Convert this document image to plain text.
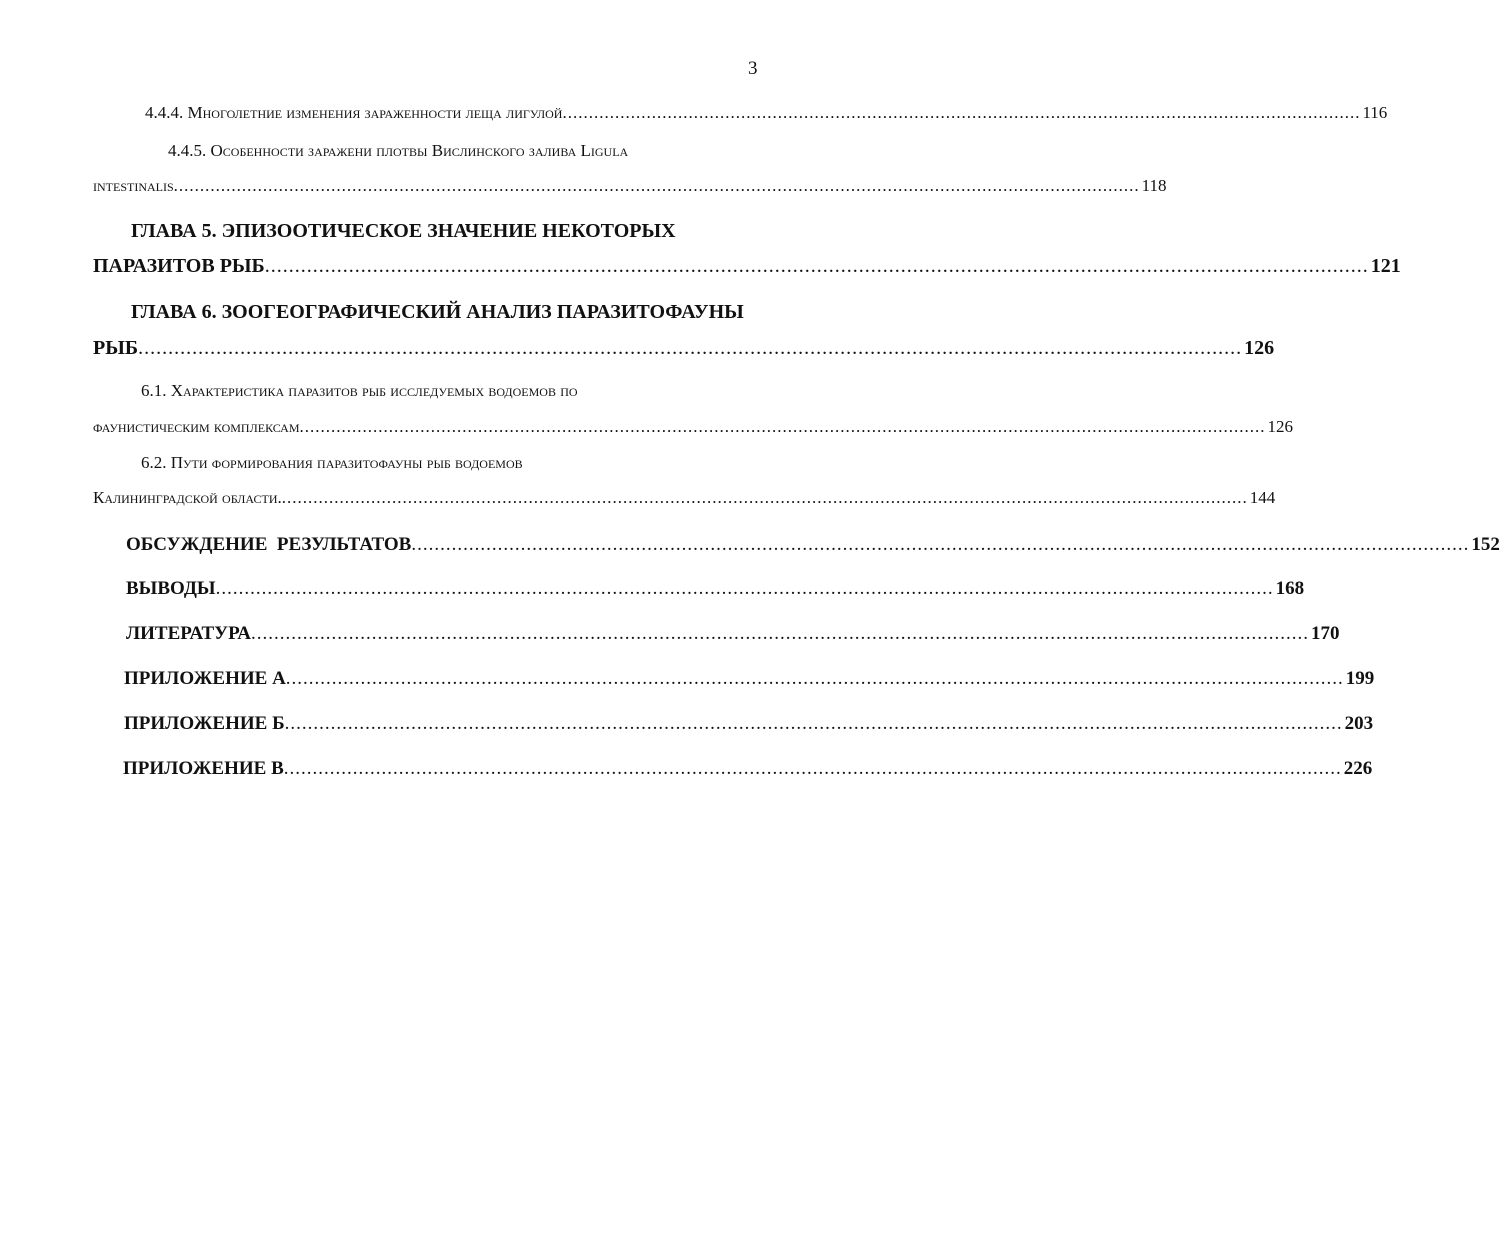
3
4.4.4. Многолетние изменения зараженности леща лигулой ........................................................................................................................................................ 116
4.4.5. Особенности заражени плотвы Вислинского залива Ligula
intestinalis ........................................................................................................................................................................................ 118
ГЛАВА 5. ЭПИЗООТИЧЕСКОЕ ЗНАЧЕНИЕ НЕКОТОРЫХ
ПАРАЗИТОВ РЫБ ........................................................................................................................................................................................ 121
ГЛАВА 6. ЗООГЕОГРАФИЧЕСКИЙ АНАЛИЗ ПАРАЗИТОФАУНЫ
РЫБ ........................................................................................................................................................................................ 126
6.1. Характеристика паразитов рыб исследуемых водоемов по
фаунистическим комплексам ........................................................................................................................................................................................ 126
6.2. Пути формирования паразитофауны рыб водоемов
Калининградской области. ........................................................................................................................................................................................ 144
ОБСУЖДЕНИЕ  РЕЗУЛЬТАТОВ ........................................................................................................................................................................................ 152
ВЫВОДЫ ........................................................................................................................................................................................ 168
ЛИТЕРАТУРА ........................................................................................................................................................................................ 170
ПРИЛОЖЕНИЕ А ........................................................................................................................................................................................ 199
ПРИЛОЖЕНИЕ Б ........................................................................................................................................................................................ 203
ПРИЛОЖЕНИЕ В ........................................................................................................................................................................................ 226
